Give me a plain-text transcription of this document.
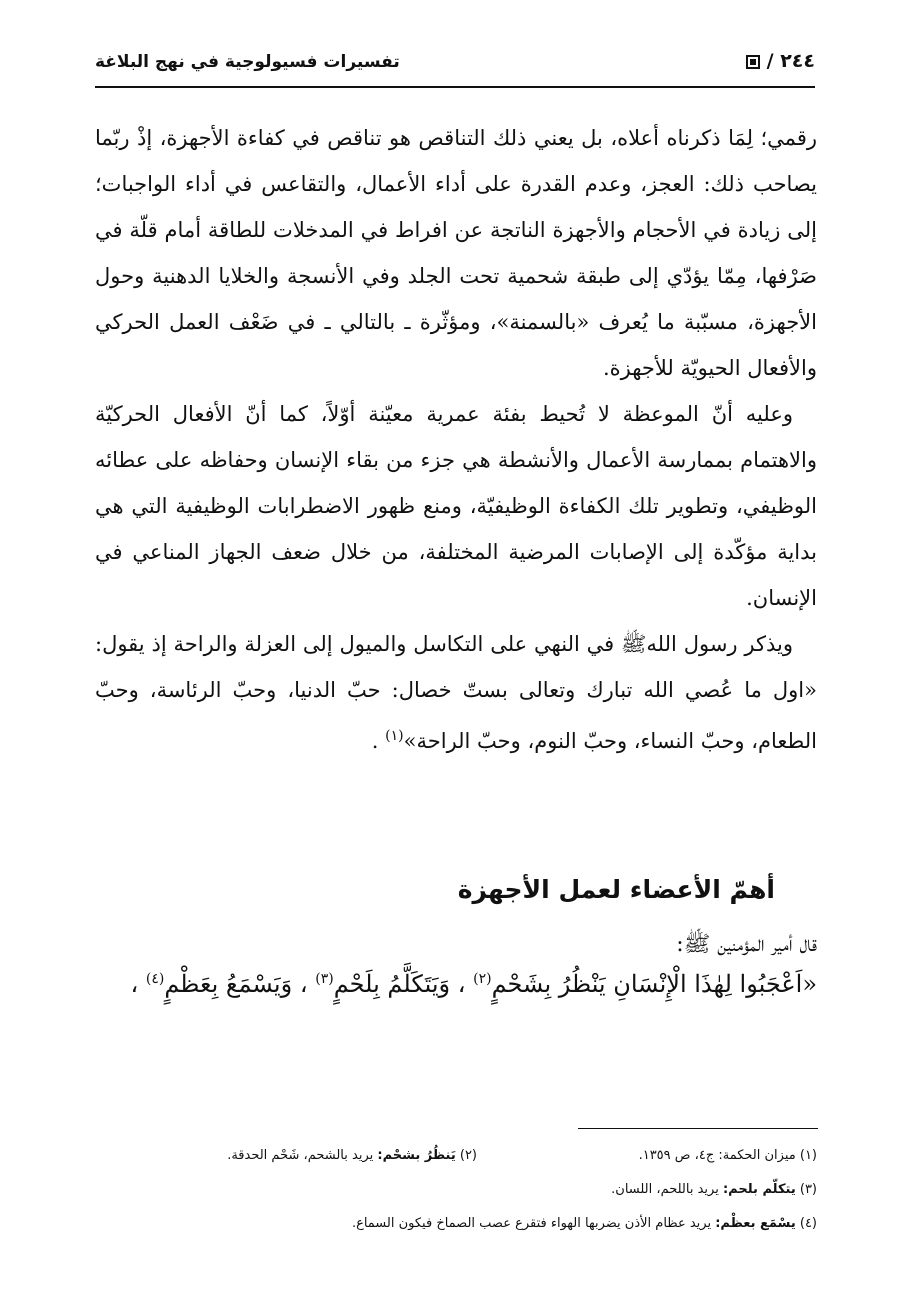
٢٤٤ /
تفسيرات فسيولوجية في نهج البلاغة

رقمي؛ لِمَا ذكرناه أعلاه، بل يعني ذلك التناقص هو تناقص في كفاءة الأجهزة، إذْ ربّما يصاحب ذلك: العجز، وعدم القدرة على أداء الأعمال، والتقاعس في أداء الواجبات؛ إلى زيادة في الأحجام والأجهزة الناتجة عن افراط في المدخلات للطاقة أمام قلّة في صَرْفها، مِمّا يؤدّي إلى طبقة شحمية تحت الجلد وفي الأنسجة والخلايا الدهنية وحول الأجهزة، مسبّبة ما يُعرف «بالسمنة»، ومؤثّرة ـ بالتالي ـ في ضَعْف العمل الحركي والأفعال الحيويّة للأجهزة.

وعليه أنّ الموعظة لا تُحيط بفئة عمرية معيّنة أوّلاً، كما أنّ الأفعال الحركيّة والاهتمام بممارسة الأعمال والأنشطة هي جزء من بقاء الإنسان وحفاظه على عطائه الوظيفي، وتطوير تلك الكفاءة الوظيفيّة، ومنع ظهور الاضطرابات الوظيفية التي هي بداية مؤكّدة إلى الإصابات المرضية المختلفة، من خلال ضعف الجهاز المناعي في الإنسان.

ويذكر رسول اللهﷺ في النهي على التكاسل والميول إلى العزلة والراحة إذ يقول: «اول ما عُصي الله تبارك وتعالى بستّ خصال: حبّ الدنيا، وحبّ الرئاسة، وحبّ الطعام، وحبّ النساء، وحبّ النوم، وحبّ الراحة»$^{(١)}$ .

أهمّ الأعضاء لعمل الأجهزة
قال أمير المؤمنين ﷺ:
«اَعْجَبُوا لِهٰذَا الْإِنْسَانِ يَنْظُرُ بِشَحْمٍ$^{(٢)}$ ، وَيَتَكَلَّمُ بِلَحْمٍ$^{(٣)}$ ، وَيَسْمَعُ بِعَظْمٍ$^{(٤)}$ ،
(١) ميزان الحكمة: ج٤، ص ١٣٥٩.
(٢) يَنظُرُ بشحْم: يريد بالشحم، شَحْم الحدقة.
(٣) يتكلّم بلحم: يريد باللحم، اللسان.
(٤) يسْمَع بعظْم: يريد عظام الأذن يضربها الهواء فتقرع عصب الصماخ فيكون السماع.
